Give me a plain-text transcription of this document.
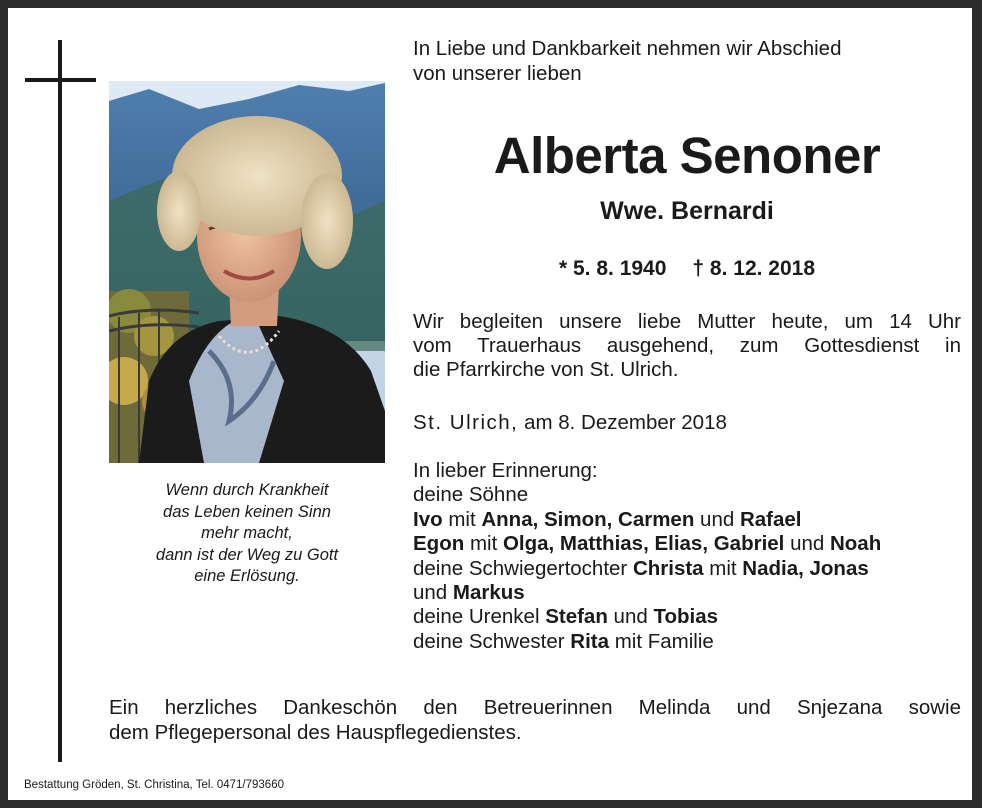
Wenn durch Krankheit
das Leben keinen Sinn
mehr macht,
dann ist der Weg zu Gott
eine Erlösung.
In Liebe und Dankbarkeit nehmen wir Abschied
von unserer lieben
Alberta Senoner
Wwe. Bernardi
* 5. 8. 1940 † 8. 12. 2018
Wir begleiten unsere liebe Mutter heute, um 14 Uhr
vom Trauerhaus ausgehend, zum Gottesdienst in
die Pfarrkirche von St. Ulrich.
St. Ulrich, am 8. Dezember 2018
In lieber Erinnerung:
deine Söhne
Ivo mit Anna, Simon, Carmen und Rafael
Egon mit Olga, Matthias, Elias, Gabriel und Noah
deine Schwiegertochter Christa mit Nadia, Jonas
und Markus
deine Urenkel Stefan und Tobias
deine Schwester Rita mit Familie
Ein herzliches Dankeschön den Betreuerinnen Melinda und Snjezana sowie
dem Pflegepersonal des Hauspflegedienstes.
Bestattung Gröden, St. Christina, Tel. 0471/793660
